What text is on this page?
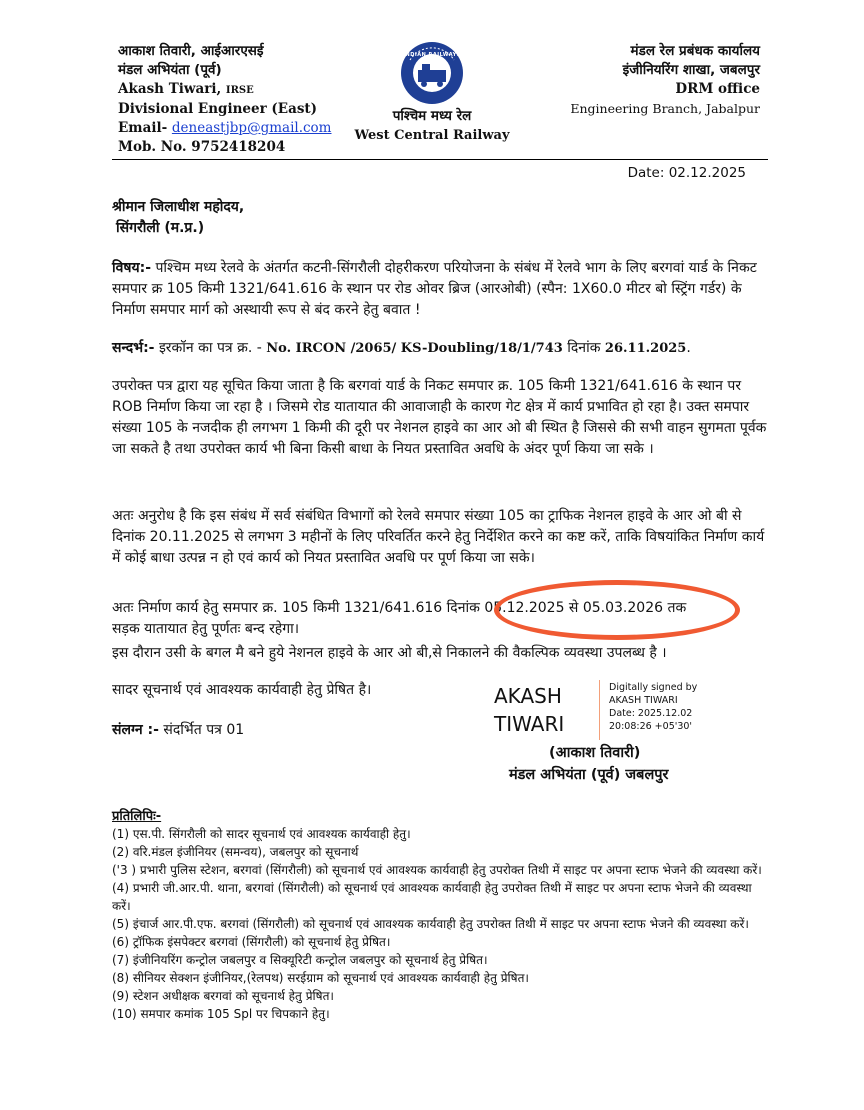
आकाश तिवारी, आईआरएसई
मंडल अभियंता (पूर्व)
Akash Tiwari, IRSE
Divisional Engineer (East)
Email- deneastjbp@gmail.com
Mob. No. 9752418204
INDIAN RAILWAYS
पश्चिम मध्य रेल
West Central Railway
मंडल रेल प्रबंधक कार्यालय
इंजीनियरिंग शाखा, जबलपुर
DRM office
Engineering Branch, Jabalpur
Date: 02.12.2025
श्रीमान जिलाधीश महोदय,
सिंगरौली (म.प्र.)

विषय:- पश्चिम मध्य रेलवे के अंतर्गत कटनी-सिंगरौली दोहरीकरण परियोजना के संबंध में रेलवे भाग के लिए बरगवां यार्ड के निकट समपार क्र 105 किमी 1321/641.616 के स्थान पर रोड ओवर ब्रिज (आरओबी) (स्पैन: 1X60.0 मीटर बो स्ट्रिंग गर्डर) के निर्माण समपार मार्ग को अस्थायी रूप से बंद करने हेतु बवात !

सन्दर्भ:- इरकॉन का पत्र क्र. - No. IRCON /2065/ KS-Doubling/18/1/743 दिनांक 26.11.2025.

उपरोक्त पत्र द्वारा यह सूचित किया जाता है कि बरगवां यार्ड के निकट समपार क्र. 105 किमी 1321/641.616 के स्थान पर ROB निर्माण किया जा रहा है । जिसमे रोड यातायात की आवाजाही के कारण गेट क्षेत्र में कार्य प्रभावित हो रहा है। उक्त समपार संख्या 105 के नजदीक ही लगभग 1 किमी की दूरी पर नेशनल हाइवे का आर ओ बी स्थित है जिससे की सभी वाहन सुगमता पूर्वक जा सकते है तथा उपरोक्त कार्य भी बिना किसी बाधा के नियत प्रस्तावित अवधि के अंदर पूर्ण किया जा सके ।

अतः अनुरोध है कि इस संबंध में सर्व संबंधित विभागों को रेलवे समपार संख्या 105 का ट्राफिक नेशनल हाइवे के आर ओ बी से दिनांक 20.11.2025 से लगभग 3 महीनों के लिए परिवर्तित करने हेतु निर्देशित करने का कष्ट करें, ताकि विषयांकित निर्माण कार्य में कोई बाधा उत्पन्न न हो एवं कार्य को नियत प्रस्तावित अवधि पर पूर्ण किया जा सके।

अतः निर्माण कार्य हेतु समपार क्र. 105 किमी 1321/641.616 दिनांक 05.12.2025 से 05.03.2026 तक
सड़क यातायात हेतु पूर्णतः बन्द रहेगा।

इस दौरान उसी के बगल मै बने हुये नेशनल हाइवे के आर ओ बी,से निकालने की वैकल्पिक व्यवस्था उपलब्ध है ।

सादर सूचनार्थ एवं आवश्यक कार्यवाही हेतु प्रेषित है।

संलग्न :- संदर्भित पत्र 01

AKASH
TIWARI
Digitally signed by
AKASH TIWARI
Date: 2025.12.02
20:08:26 +05'30'
(आकाश तिवारी)
मंडल अभियंता (पूर्व) जबलपुर
प्रतिलिपिः-
(1) एस.पी. सिंगरौली को सादर सूचनार्थ एवं आवश्यक कार्यवाही हेतु।
(2) वरि.मंडल इंजीनियर (समन्वय), जबलपुर को सूचनार्थ
('3 ) प्रभारी पुलिस स्टेशन, बरगवां (सिंगरौली) को सूचनार्थ एवं आवश्यक कार्यवाही हेतु उपरोक्त तिथी में साइट पर अपना स्टाफ भेजने की व्यवस्था करें।
(4) प्रभारी जी.आर.पी. थाना, बरगवां (सिंगरौली) को सूचनार्थ एवं आवश्यक कार्यवाही हेतु उपरोक्त तिथी में साइट पर अपना स्टाफ भेजने की व्यवस्था करें।
(5) इंचार्ज आर.पी.एफ. बरगवां (सिंगरौली) को सूचनार्थ एवं आवश्यक कार्यवाही हेतु उपरोक्त तिथी में साइट पर अपना स्टाफ भेजने की व्यवस्था करें।
(6) ट्रॉफिक इंसपेक्टर बरगवां (सिंगरौली) को सूचनार्थ हेतु प्रेषित।
(7) इंजीनियरिंग कन्ट्रोल जबलपुर व सिक्यूरिटी कन्ट्रोल जबलपुर को सूचनार्थ हेतु प्रेषित।
(8) सीनियर सेक्शन इंजीनियर,(रेलपथ) सरईग्राम को सूचनार्थ एवं आवश्यक कार्यवाही हेतु प्रेषित।
(9) स्टेशन अधीक्षक बरगवां को सूचनार्थ हेतु प्रेषित।
(10) समपार कमांक 105 Spl पर चिपकाने हेतु।
